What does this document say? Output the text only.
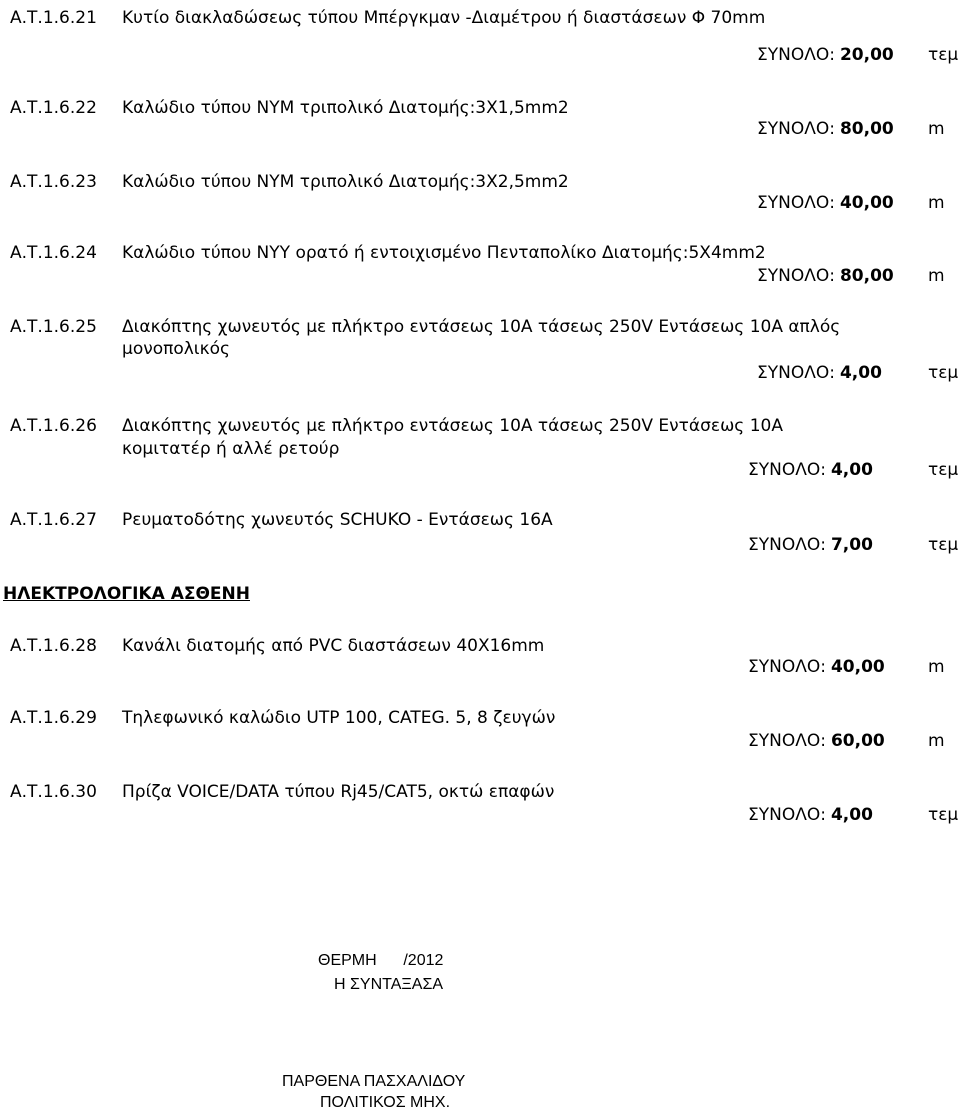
Α.Τ.1.6.21 Κυτίο διακλαδώσεως τύπου Μπέργκμαν -Διαμέτρου ή διαστάσεων Φ 70mm
ΣΥΝΟΛΟ: 20,00 τεμ
Α.Τ.1.6.22 Καλώδιο τύπου ΝΥΜ τριπολικό Διατομής:3Χ1,5mm2
ΣΥΝΟΛΟ: 80,00 m
Α.Τ.1.6.23 Καλώδιο τύπου ΝΥΜ τριπολικό Διατομής:3Χ2,5mm2
ΣΥΝΟΛΟ: 40,00 m
Α.Τ.1.6.24 Καλώδιο τύπου ΝΥΥ ορατό ή εντοιχισμένο Πενταπολίκο Διατομής:5Χ4mm2
ΣΥΝΟΛΟ: 80,00 m
Α.Τ.1.6.25 Διακόπτης χωνευτός με πλήκτρο εντάσεως 10Α τάσεως 250V Εντάσεως 10Α απλός
μονοπολικός
ΣΥΝΟΛΟ: 4,00	τεμ
Α.Τ.1.6.26 Διακόπτης χωνευτός με πλήκτρο εντάσεως 10Α τάσεως 250V Εντάσεως 10Α
κομιτατέρ ή αλλέ ρετούρ
ΣΥΝΟΛΟ: 4,00	τεμ
Α.Τ.1.6.27 Ρευματοδότης χωνευτός SCHUKO - Εντάσεως 16Α
ΣΥΝΟΛΟ: 7,00	τεμ
ΗΛΕΚΤΡΟΛΟΓΙΚΑ ΑΣΘΕΝΗ
Α.Τ.1.6.28 Κανάλι διατομής από PVC διαστάσεων 40Χ16mm
ΣΥΝΟΛΟ: 40,00	m
Α.Τ.1.6.29 Τηλεφωνικό καλώδιο UTP 100, CATEG. 5, 8 ζευγών
ΣΥΝΟΛΟ: 60,00	m
Α.Τ.1.6.30 Πρίζα VOICE/DATA τύπου Rj45/CAT5, οκτώ επαφών
ΣΥΝΟΛΟ: 4,00	τεμ
ΘΕΡΜΗ      /2012
Η ΣΥΝΤΑΞΑΣΑ
ΠΑΡΘΕΝΑ ΠΑΣΧΑΛΙΔΟΥ
ΠΟΛΙΤΙΚΟΣ ΜΗΧ.
